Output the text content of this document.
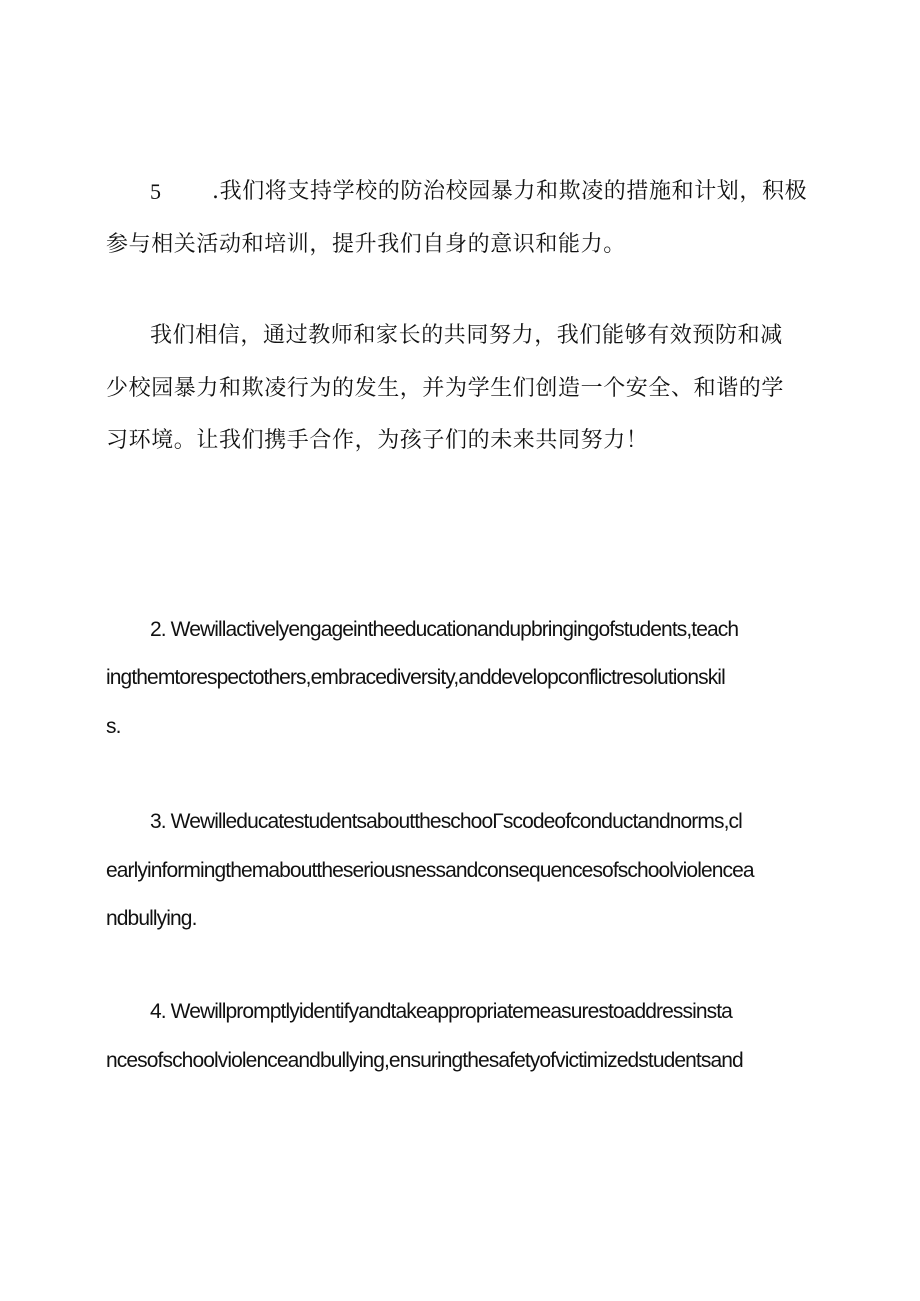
5 .我们将支持学校的防治校园暴力和欺凌的措施和计划，积极

参与相关活动和培训，提升我们自身的意识和能力。

我们相信，通过教师和家长的共同努力，我们能够有效预防和减

少校园暴力和欺凌行为的发生，并为学生们创造一个安全、和谐的学

习环境。让我们携手合作，为孩子们的未来共同努力！

2. Wewillactivelyengageintheeducationandupbringingofstudents,teach

ingthemtorespectothers,embracediversity,anddevelopconflictresolutionskil

s.

3. WewilleducatestudentsabouttheschooΓscodeofconductandnorms,cl

earlyinformingthemabouttheseriousnessandconsequencesofschoolviolencea

ndbullying.

4. Wewillpromptlyidentifyandtakeappropriatemeasurestoaddressinsta

ncesofschoolviolenceandbullying,ensuringthesafetyofvictimizedstudentsand
